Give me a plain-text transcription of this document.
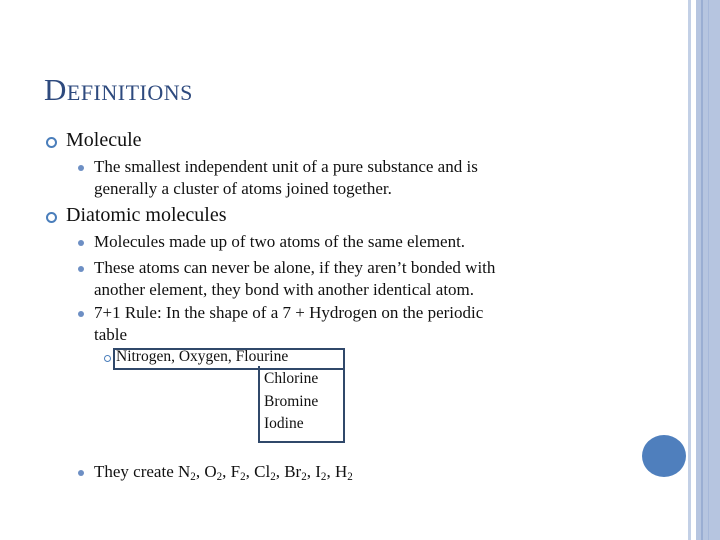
Definitions
Molecule
The smallest independent unit of a pure substance and is
generally a cluster of atoms joined together.
Diatomic molecules
Molecules made up of two atoms of the same element.
These atoms can never be alone, if they aren’t bonded with
another element, they bond with another identical atom.
7+1 Rule: In the shape of a 7 + Hydrogen on the periodic
table
Nitrogen, Oxygen, Flourine
Chlorine
Bromine
Iodine
They create $N_2$, $O_2$, $F_2$, $Cl_2$, $Br_2$, $I_2$, $H_2$
